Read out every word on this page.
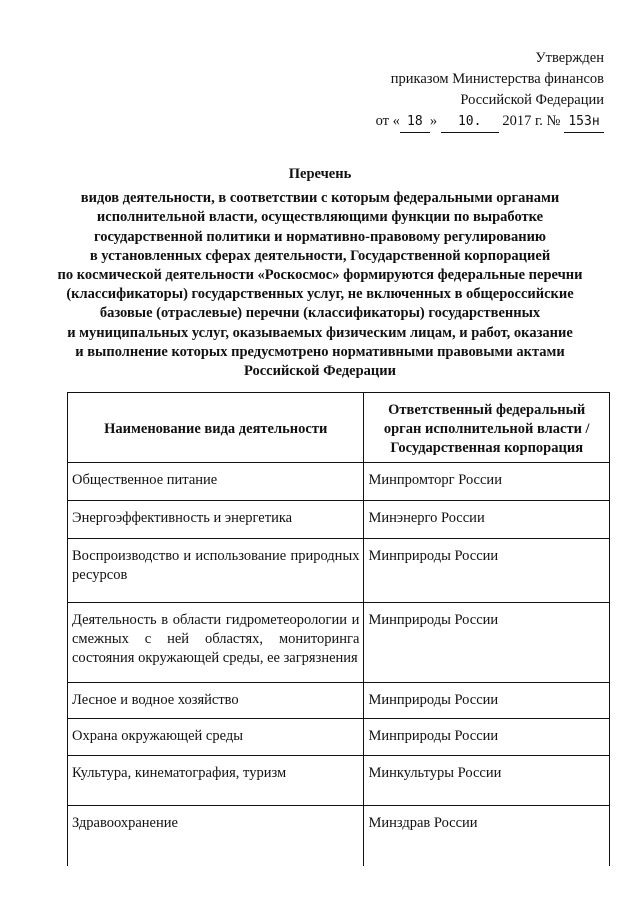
Утвержден
приказом Министерства финансов
Российской Федерации
от « 18 » 10. 2017 г. № 153н
Перечень
видов деятельности, в соответствии с которым федеральными органами
исполнительной власти, осуществляющими функции по выработке
государственной политики и нормативно-правовому регулированию
в установленных сферах деятельности, Государственной корпорацией
по космической деятельности «Роскосмос» формируются федеральные перечни
(классификаторы) государственных услуг, не включенных в общероссийские
базовые (отраслевые) перечни (классификаторы) государственных
и муниципальных услуг, оказываемых физическим лицам, и работ, оказание
и выполнение которых предусмотрено нормативными правовыми актами
Российской Федерации
Наименование вида деятельности	Ответственный федеральный орган исполнительной власти / Государственная корпорация
Общественное питание	Минпромторг России
Энергоэффективность и энергетика	Минэнерго России
Воспроизводство и использование природных ресурсов	Минприроды России
Деятельность в области гидрометеорологии и смежных с ней областях, мониторинга состояния окружающей среды, ее загрязнения	Минприроды России
Лесное и водное хозяйство	Минприроды России
Охрана окружающей среды	Минприроды России
Культура, кинематография, туризм	Минкультуры России
Здравоохранение	Минздрав России
